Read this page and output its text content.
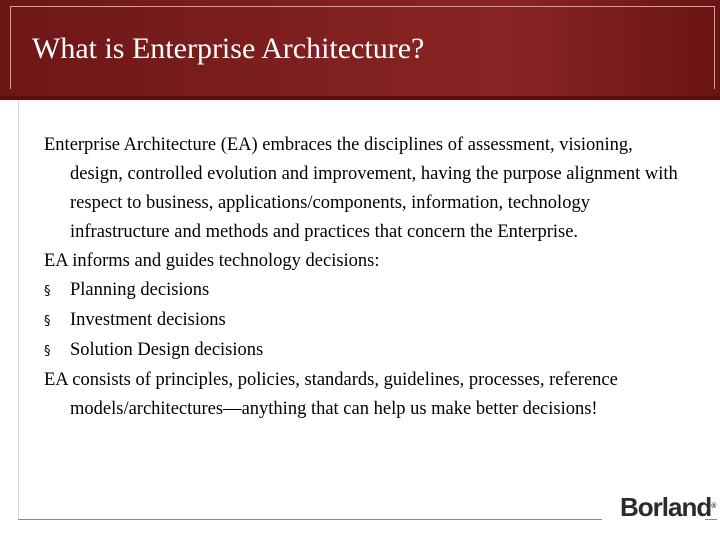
What is Enterprise Architecture?

Enterprise Architecture (EA) embraces the disciplines of assessment, visioning, design, controlled evolution and improvement, having the purpose alignment with respect to business, applications/components, information, technology infrastructure and methods and practices that concern the Enterprise.

EA informs and guides technology decisions:

§	Planning decisions
§	Investment decisions
§	Solution Design decisions

EA consists of principles, policies, standards, guidelines, processes, reference models/architectures—anything that can help us make better decisions!

Borland®
